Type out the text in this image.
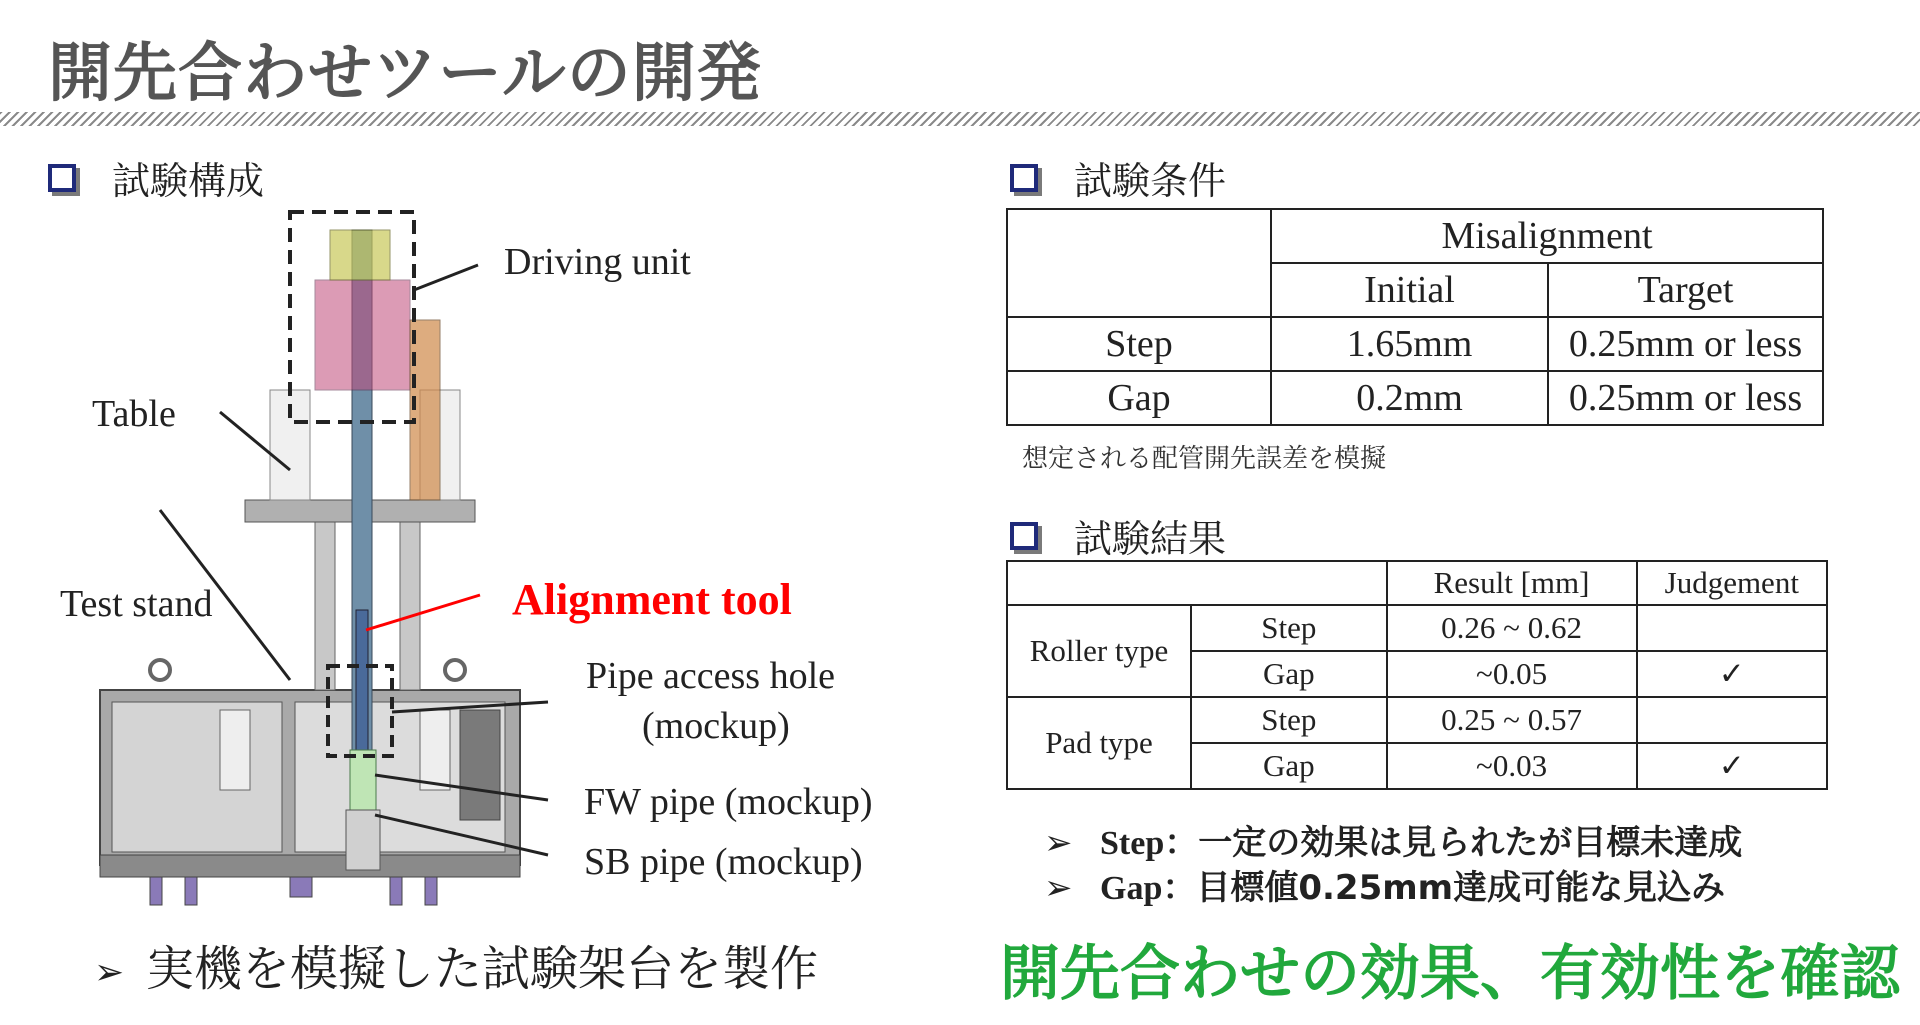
開先合わせツールの開発
試験構成
Driving unit
Table
Test stand	Alignment tool
Pipe access hole
(mockup)
FW pipe (mockup)
SB pipe (mockup)
➢ 実機を模擬した試験架台を製作
試験条件
	Misalignment	
	Initial	Target
Step	1.65mm	0.25mm or less
Gap	0.2mm	0.25mm or less
想定される配管開先誤差を模擬
試験結果
		Result [mm]	Judgement
Roller type	Step	0.26 ~ 0.62	
	Gap	~0.05	✓
Pad type	Step	0.25 ~ 0.57	
	Gap	~0.03	✓
➢ Step：一定の効果は見られたが目標未達成
➢ Gap：目標値0.25mm達成可能な見込み
開先合わせの効果、有効性を確認
